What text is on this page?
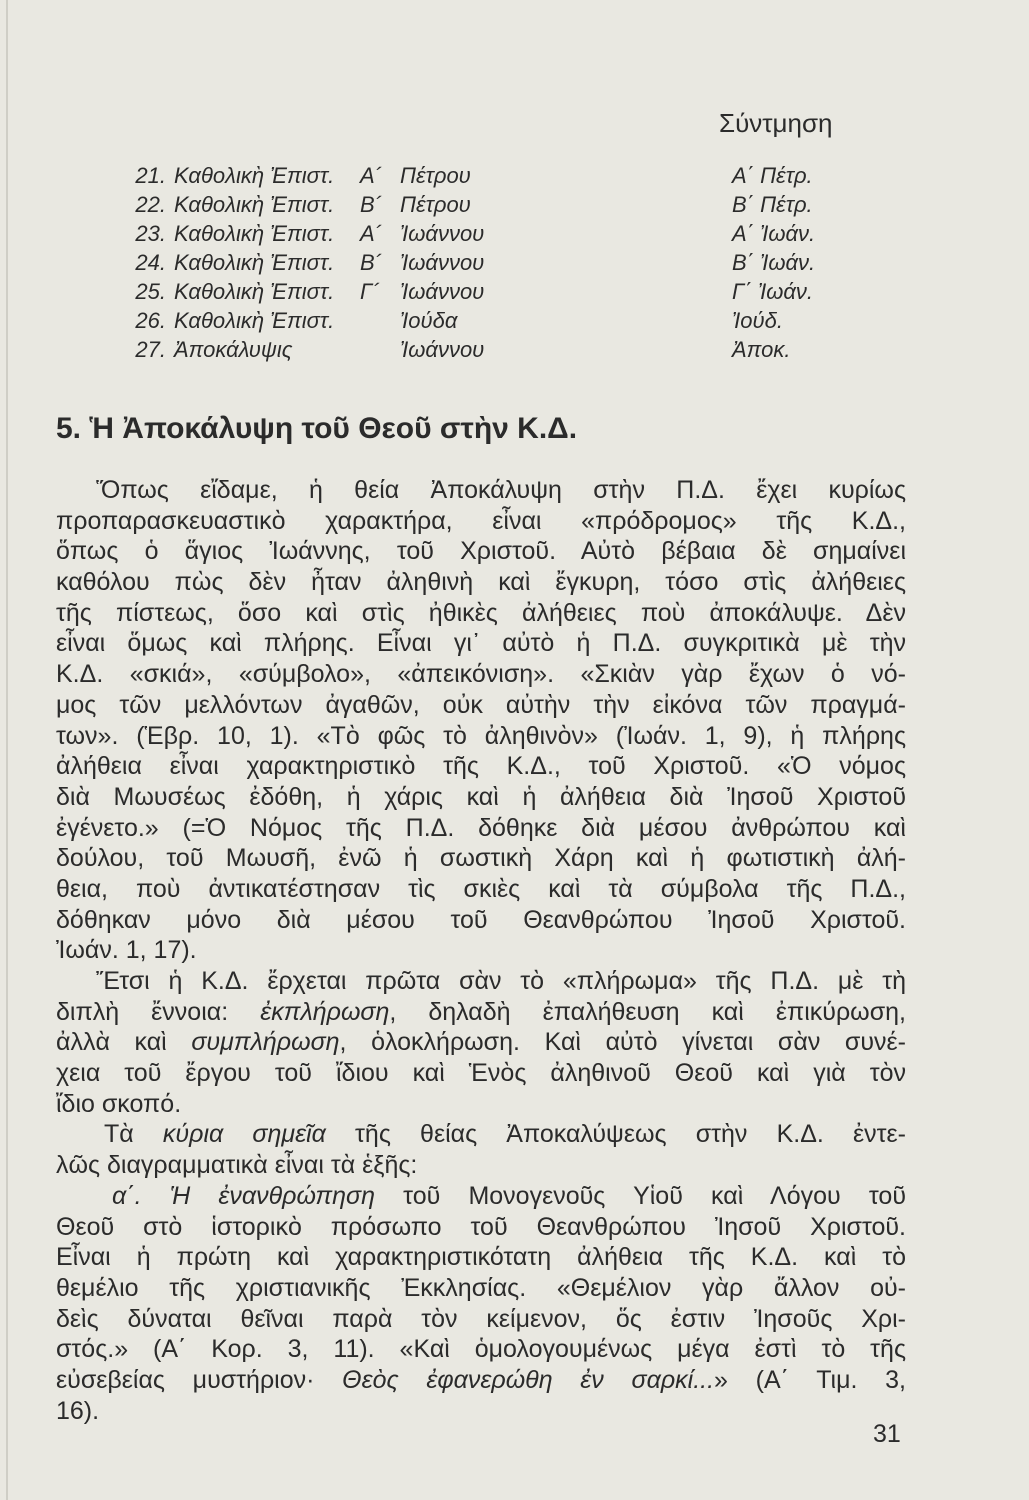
Σύντμηση
21. Καθολικὴ Ἐπιστ. Α´ Πέτρου	Α΄ Πέτρ.
22. Καθολικὴ Ἐπιστ. Β´ Πέτρου	Β΄ Πέτρ.
23. Καθολικὴ Ἐπιστ. Α´ Ἰωάννου	Α΄ Ἰωάν.
24. Καθολικὴ Ἐπιστ. Β´ Ἰωάννου	Β΄ Ἰωάν.
25. Καθολικὴ Ἐπιστ. Γ´ Ἰωάννου	Γ΄ Ἰωάν.
26. Καθολικὴ Ἐπιστ.	Ἰούδα	Ἰούδ.
27. Ἀποκάλυψις	Ἰωάννου	Ἀποκ.
5. Ἡ Ἀποκάλυψη τοῦ Θεοῦ στὴν Κ.Δ.
Ὅπως εἴδαμε, ἡ θεία Ἀποκάλυψη στὴν Π.Δ. ἔχει κυρίως
προπαρασκευαστικὸ χαρακτήρα, εἶναι «πρόδρομος» τῆς Κ.Δ.,
ὅπως ὁ ἅγιος Ἰωάννης, τοῦ Χριστοῦ. Αὐτὸ βέβαια δὲ σημαίνει
καθόλου πὼς δὲν ἦταν ἀληθινὴ καὶ ἔγκυρη, τόσο στὶς ἀλήθειες
τῆς πίστεως, ὅσο καὶ στὶς ἠθικὲς ἀλήθειες ποὺ ἀποκάλυψε. Δὲν
εἶναι ὅμως καὶ πλήρης. Εἶναι γι᾽ αὐτὸ ἡ Π.Δ. συγκριτικὰ μὲ τὴν
Κ.Δ. «σκιά», «σύμβολο», «ἀπεικόνιση». «Σκιὰν γὰρ ἔχων ὁ νό-
μος τῶν μελλόντων ἀγαθῶν, οὐκ αὐτὴν τὴν εἰκόνα τῶν πραγμά-
των». (Ἑβρ. 10, 1). «Τὸ φῶς τὸ ἀληθινὸν» (Ἰωάν. 1, 9), ἡ πλήρης
ἀλήθεια εἶναι χαρακτηριστικὸ τῆς Κ.Δ., τοῦ Χριστοῦ. «Ὁ νόμος
διὰ Μωυσέως ἐδόθη, ἡ χάρις καὶ ἡ ἀλήθεια διὰ Ἰησοῦ Χριστοῦ
ἐγένετο.» (=Ὁ Νόμος τῆς Π.Δ. δόθηκε διὰ μέσου ἀνθρώπου καὶ
δούλου, τοῦ Μωυσῆ, ἐνῶ ἡ σωστικὴ Χάρη καὶ ἡ φωτιστικὴ ἀλή-
θεια, ποὺ ἀντικατέστησαν τὶς σκιὲς καὶ τὰ σύμβολα τῆς Π.Δ.,
δόθηκαν μόνο διὰ μέσου τοῦ Θεανθρώπου Ἰησοῦ Χριστοῦ.
Ἰωάν. 1, 17).
Ἔτσι ἡ Κ.Δ. ἔρχεται πρῶτα σὰν τὸ «πλήρωμα» τῆς Π.Δ. μὲ τὴ
διπλὴ ἔννοια: ἐκπλήρωση, δηλαδὴ ἐπαλήθευση καὶ ἐπικύρωση,
ἀλλὰ καὶ συμπλήρωση, ὁλοκλήρωση. Καὶ αὐτὸ γίνεται σὰν συνέ-
χεια τοῦ ἔργου τοῦ ἴδιου καὶ Ἑνὸς ἀληθινοῦ Θεοῦ καὶ γιὰ τὸν
ἴδιο σκοπό.
Τὰ κύρια σημεῖα τῆς θείας Ἀποκαλύψεως στὴν Κ.Δ. ἐντε-
λῶς διαγραμματικὰ εἶναι τὰ ἑξῆς:
α΄. Ἡ ἐνανθρώπηση τοῦ Μονογενοῦς Υἱοῦ καὶ Λόγου τοῦ
Θεοῦ στὸ ἱστορικὸ πρόσωπο τοῦ Θεανθρώπου Ἰησοῦ Χριστοῦ.
Εἶναι ἡ πρώτη καὶ χαρακτηριστικότατη ἀλήθεια τῆς Κ.Δ. καὶ τὸ
θεμέλιο τῆς χριστιανικῆς Ἐκκλησίας. «Θεμέλιον γὰρ ἄλλον οὐ-
δεὶς δύναται θεῖναι παρὰ τὸν κείμενον, ὅς ἐστιν Ἰησοῦς Χρι-
στός.» (Α΄ Κορ. 3, 11). «Καὶ ὁμολογουμένως μέγα ἐστὶ τὸ τῆς
εὐσεβείας μυστήριον· Θεὸς ἐφανερώθη ἐν σαρκί...» (Α΄ Τιμ. 3,
16).
31
